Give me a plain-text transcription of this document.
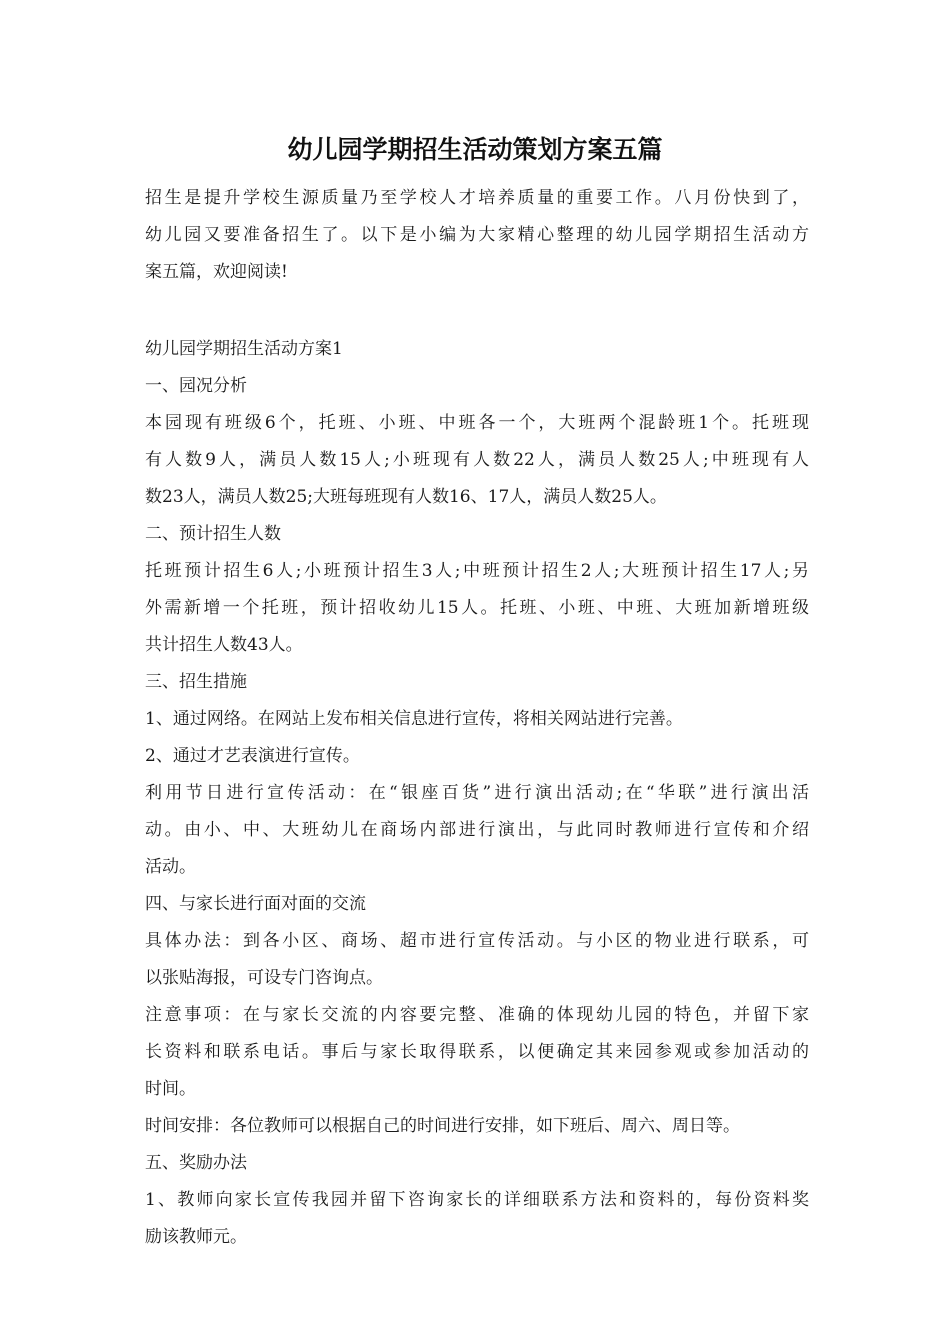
幼儿园学期招生活动策划方案五篇
招生是提升学校生源质量乃至学校人才培养质量的重要工作。八月份快到了，
幼儿园又要准备招生了。以下是小编为大家精心整理的幼儿园学期招生活动方
案五篇，欢迎阅读!
幼儿园学期招生活动方案1
一、园况分析
本园现有班级6个，托班、小班、中班各一个，大班两个混龄班1个。托班现
有人数9人，满员人数15人;小班现有人数22人，满员人数25人;中班现有人
数23人，满员人数25;大班每班现有人数16、17人，满员人数25人。
二、预计招生人数
托班预计招生6人;小班预计招生3人;中班预计招生2人;大班预计招生17人;另
外需新增一个托班，预计招收幼儿15人。托班、小班、中班、大班加新增班级
共计招生人数43人。
三、招生措施
1、通过网络。在网站上发布相关信息进行宣传，将相关网站进行完善。
2、通过才艺表演进行宣传。
利用节日进行宣传活动：在“银座百货”进行演出活动;在“华联”进行演出活
动。由小、中、大班幼儿在商场内部进行演出，与此同时教师进行宣传和介绍
活动。
四、与家长进行面对面的交流
具体办法：到各小区、商场、超市进行宣传活动。与小区的物业进行联系，可
以张贴海报，可设专门咨询点。
注意事项：在与家长交流的内容要完整、准确的体现幼儿园的特色，并留下家
长资料和联系电话。事后与家长取得联系，以便确定其来园参观或参加活动的
时间。
时间安排：各位教师可以根据自己的时间进行安排，如下班后、周六、周日等。
五、奖励办法
1、教师向家长宣传我园并留下咨询家长的详细联系方法和资料的，每份资料奖
励该教师元。
